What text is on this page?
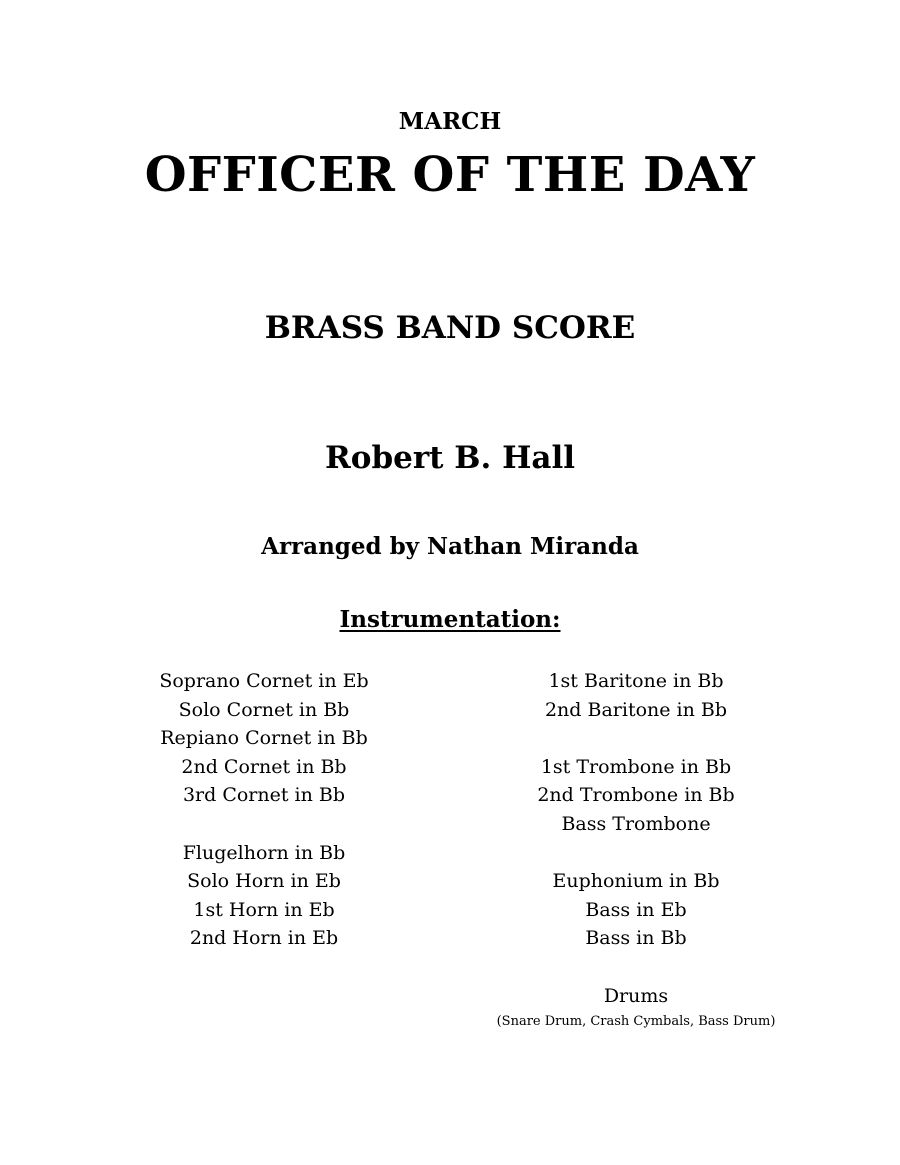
MARCH
OFFICER OF THE DAY
BRASS BAND SCORE
Robert B. Hall
Arranged by Nathan Miranda
Instrumentation:
Soprano Cornet in Eb
Solo Cornet in Bb
Repiano Cornet in Bb
2nd Cornet in Bb
3rd Cornet in Bb
Flugelhorn in Bb
Solo Horn in Eb
1st Horn in Eb
2nd Horn in Eb
1st Baritone in Bb
2nd Baritone in Bb
1st Trombone in Bb
2nd Trombone in Bb
Bass Trombone
Euphonium in Bb
Bass in Eb
Bass in Bb
Drums
(Snare Drum, Crash Cymbals, Bass Drum)
